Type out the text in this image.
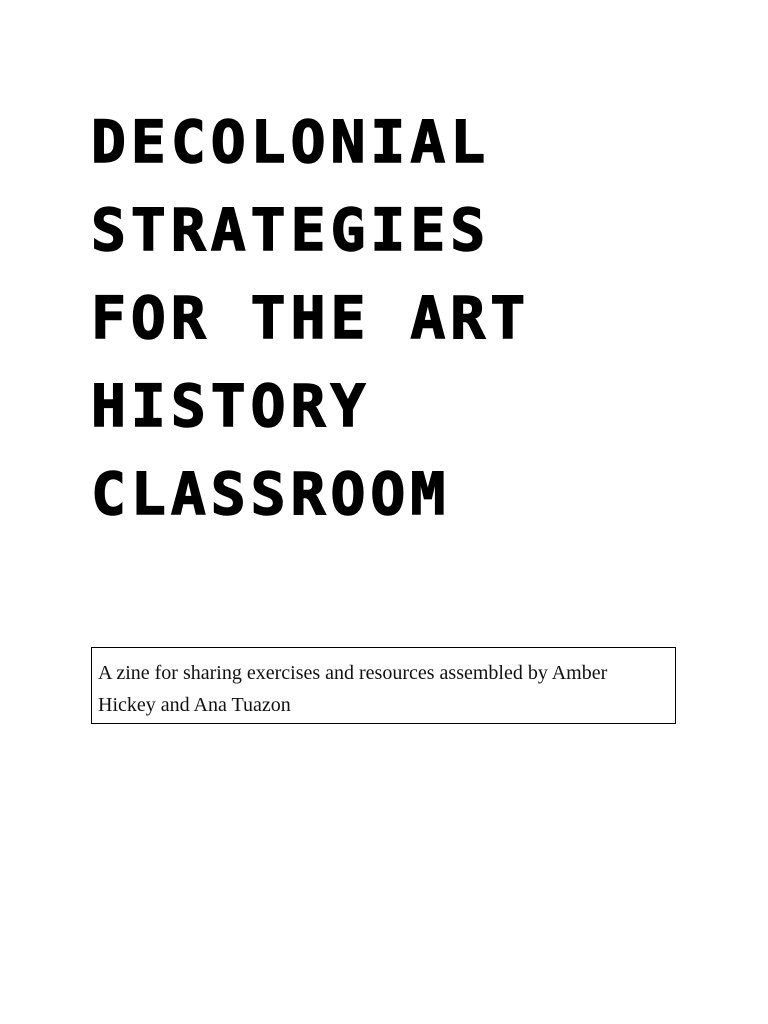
DECOLONIAL
STRATEGIES
FOR THE ART
HISTORY
CLASSROOM

A zine for sharing exercises and resources assembled by Amber Hickey and Ana Tuazon
